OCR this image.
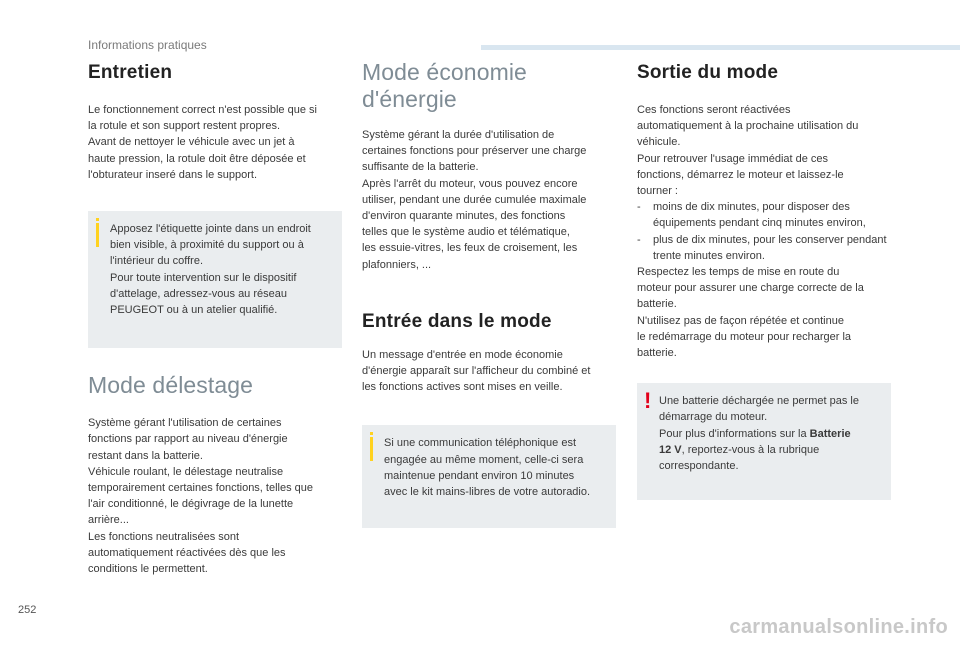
Informations pratiques
Entretien

Le fonctionnement correct n'est possible que si
la rotule et son support restent propres.
Avant de nettoyer le véhicule avec un jet à
haute pression, la rotule doit être déposée et
l'obturateur inseré dans le support.

Apposez l'étiquette jointe dans un endroit
bien visible, à proximité du support ou à
l'intérieur du coffre.
Pour toute intervention sur le dispositif
d'attelage, adressez-vous au réseau
PEUGEOT ou à un atelier qualifié.
Mode délestage

Système gérant l'utilisation de certaines
fonctions par rapport au niveau d'énergie
restant dans la batterie.
Véhicule roulant, le délestage neutralise
temporairement certaines fonctions, telles que
l'air conditionné, le dégivrage de la lunette
arrière...
Les fonctions neutralisées sont
automatiquement réactivées dès que les
conditions le permettent.

Mode économie d'énergie

Système gérant la durée d'utilisation de
certaines fonctions pour préserver une charge
suffisante de la batterie.
Après l'arrêt du moteur, vous pouvez encore
utiliser, pendant une durée cumulée maximale
d'environ quarante minutes, des fonctions
telles que le système audio et télématique,
les essuie-vitres, les feux de croisement, les
plafonniers, ...

Entrée dans le mode

Un message d'entrée en mode économie
d'énergie apparaît sur l'afficheur du combiné et
les fonctions actives sont mises en veille.

Si une communication téléphonique est
engagée au même moment, celle-ci sera
maintenue pendant environ 10 minutes
avec le kit mains-libres de votre autoradio.
Sortie du mode

Ces fonctions seront réactivées
automatiquement à la prochaine utilisation du
véhicule.
Pour retrouver l'usage immédiat de ces
fonctions, démarrez le moteur et laissez-le
tourner :

- moins de dix minutes, pour disposer des équipements pendant cinq minutes environ,
- plus de dix minutes, pour les conserver pendant trente minutes environ.

Respectez les temps de mise en route du
moteur pour assurer une charge correcte de la
batterie.
N'utilisez pas de façon répétée et continue
le redémarrage du moteur pour recharger la
batterie.

! Une batterie déchargée ne permet pas le
démarrage du moteur.
Pour plus d'informations sur la Batterie
12 V, reportez-vous à la rubrique
correspondante.
252
carmanualsonline.info
